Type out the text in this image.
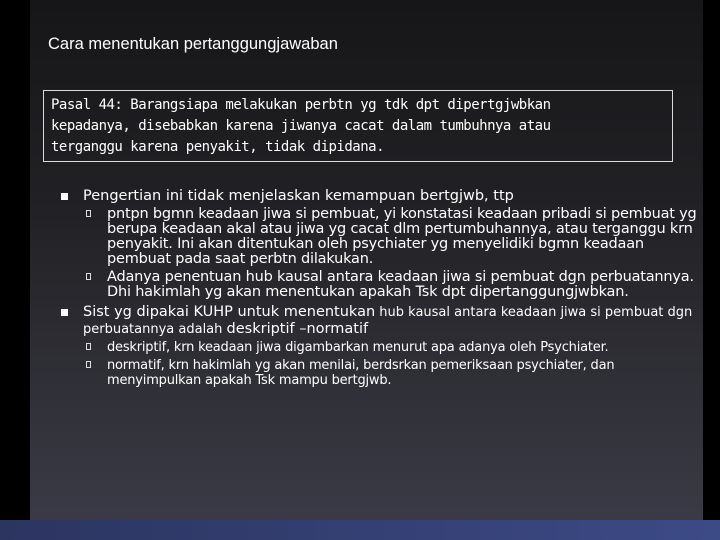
Cara menentukan pertanggungjawaban
Pasal 44: Barangsiapa melakukan perbtn yg tdk dpt dipertgjwbkan
kepadanya, disebabkan karena jiwanya cacat dalam tumbuhnya atau
terganggu karena penyakit, tidak dipidana.
Pengertian ini tidak menjelaskan kemampuan bertgjwb, ttp
pntpn bgmn keadaan jiwa si pembuat, yi konstatasi keadaan pribadi si pembuat yg berupa keadaan akal atau jiwa yg cacat dlm pertumbuhannya, atau terganggu krn penyakit. Ini akan ditentukan oleh psychiater yg menyelidiki bgmn keadaan pembuat pada saat perbtn dilakukan.
Adanya penentuan hub kausal antara keadaan jiwa si pembuat dgn perbuatannya. Dhi hakimlah yg akan menentukan apakah Tsk dpt dipertanggungjwbkan.
Sist yg dipakai KUHP untuk menentukan hub kausal antara keadaan jiwa si pembuat dgn perbuatannya adalah deskriptif –normatif
deskriptif, krn keadaan jiwa digambarkan menurut apa adanya oleh Psychiater.
normatif, krn hakimlah yg akan menilai, berdsrkan pemeriksaan psychiater, dan menyimpulkan apakah Tsk mampu bertgjwb.
